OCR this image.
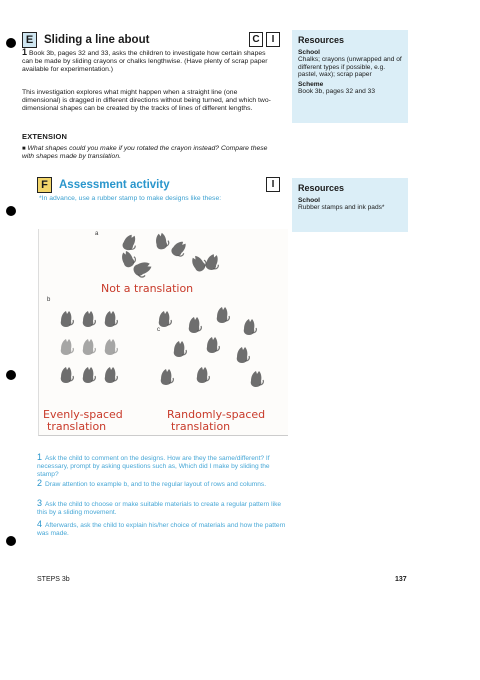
E Sliding a line about	C	I
1 Book 3b, pages 32 and 33, asks the children to investigate how certain shapes can be made by sliding crayons or chalks lengthwise. (Have plenty of scrap paper available for experimentation.)
This investigation explores what might happen when a straight line (one dimensional) is dragged in different directions without being turned, and which two-dimensional shapes can be created by the tracks of lines of different lengths.
EXTENSION
■ What shapes could you make if you rotated the crayon instead? Compare these with shapes made by translation.
Resources
School
Chalks; crayons (unwrapped and of different types if possible, e.g. pastel, wax); scrap paper
Scheme
Book 3b, pages 32 and 33
F Assessment activity	I
*In advance, use a rubber stamp to make designs like these:
Resources
School
Rubber stamps and ink pads*
a
b
c
Not a translation
Evenly-spaced
translation
Randomly-spaced
translation
1 Ask the child to comment on the designs. How are they the same/different? If necessary, prompt by asking questions such as, Which did I make by sliding the stamp?
2 Draw attention to example b, and to the regular layout of rows and columns.
3 Ask the child to choose or make suitable materials to create a regular pattern like this by a sliding movement.
4 Afterwards, ask the child to explain his/her choice of materials and how the pattern was made.
STEPS 3b	137
